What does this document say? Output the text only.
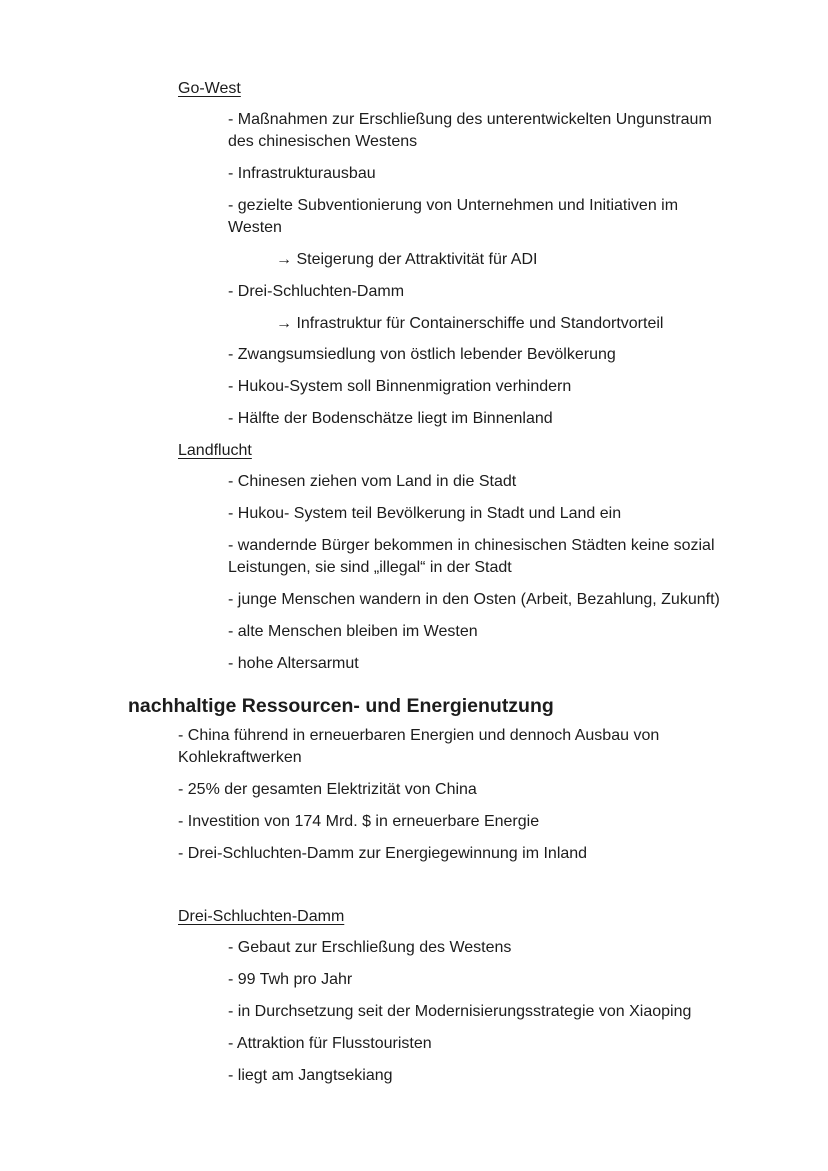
Go-West
- Maßnahmen zur Erschließung des unterentwickelten Ungunstraum
des chinesischen Westens
- Infrastrukturausbau
- gezielte Subventionierung von Unternehmen und Initiativen im
Westen
→ Steigerung der Attraktivität für ADI
- Drei-Schluchten-Damm
→ Infrastruktur für Containerschiffe und Standortvorteil
- Zwangsumsiedlung von östlich lebender Bevölkerung
- Hukou-System soll Binnenmigration verhindern
- Hälfte der Bodenschätze liegt im Binnenland
Landflucht
- Chinesen ziehen vom Land in die Stadt
- Hukou- System teil Bevölkerung in Stadt und Land ein
- wandernde Bürger bekommen in chinesischen Städten keine sozial
Leistungen, sie sind „illegal“ in der Stadt
- junge Menschen wandern in den Osten (Arbeit, Bezahlung, Zukunft)
- alte Menschen bleiben im Westen
- hohe Altersarmut
nachhaltige Ressourcen- und Energienutzung
- China führend in erneuerbaren Energien und dennoch Ausbau von
Kohlekraftwerken
- 25% der gesamten Elektrizität von China
- Investition von 174 Mrd. $ in erneuerbare Energie
- Drei-Schluchten-Damm zur Energiegewinnung im Inland
Drei-Schluchten-Damm
- Gebaut zur Erschließung des Westens
- 99 Twh pro Jahr
- in Durchsetzung seit der Modernisierungsstrategie von Xiaoping
- Attraktion für Flusstouristen
- liegt am Jangtsekiang
